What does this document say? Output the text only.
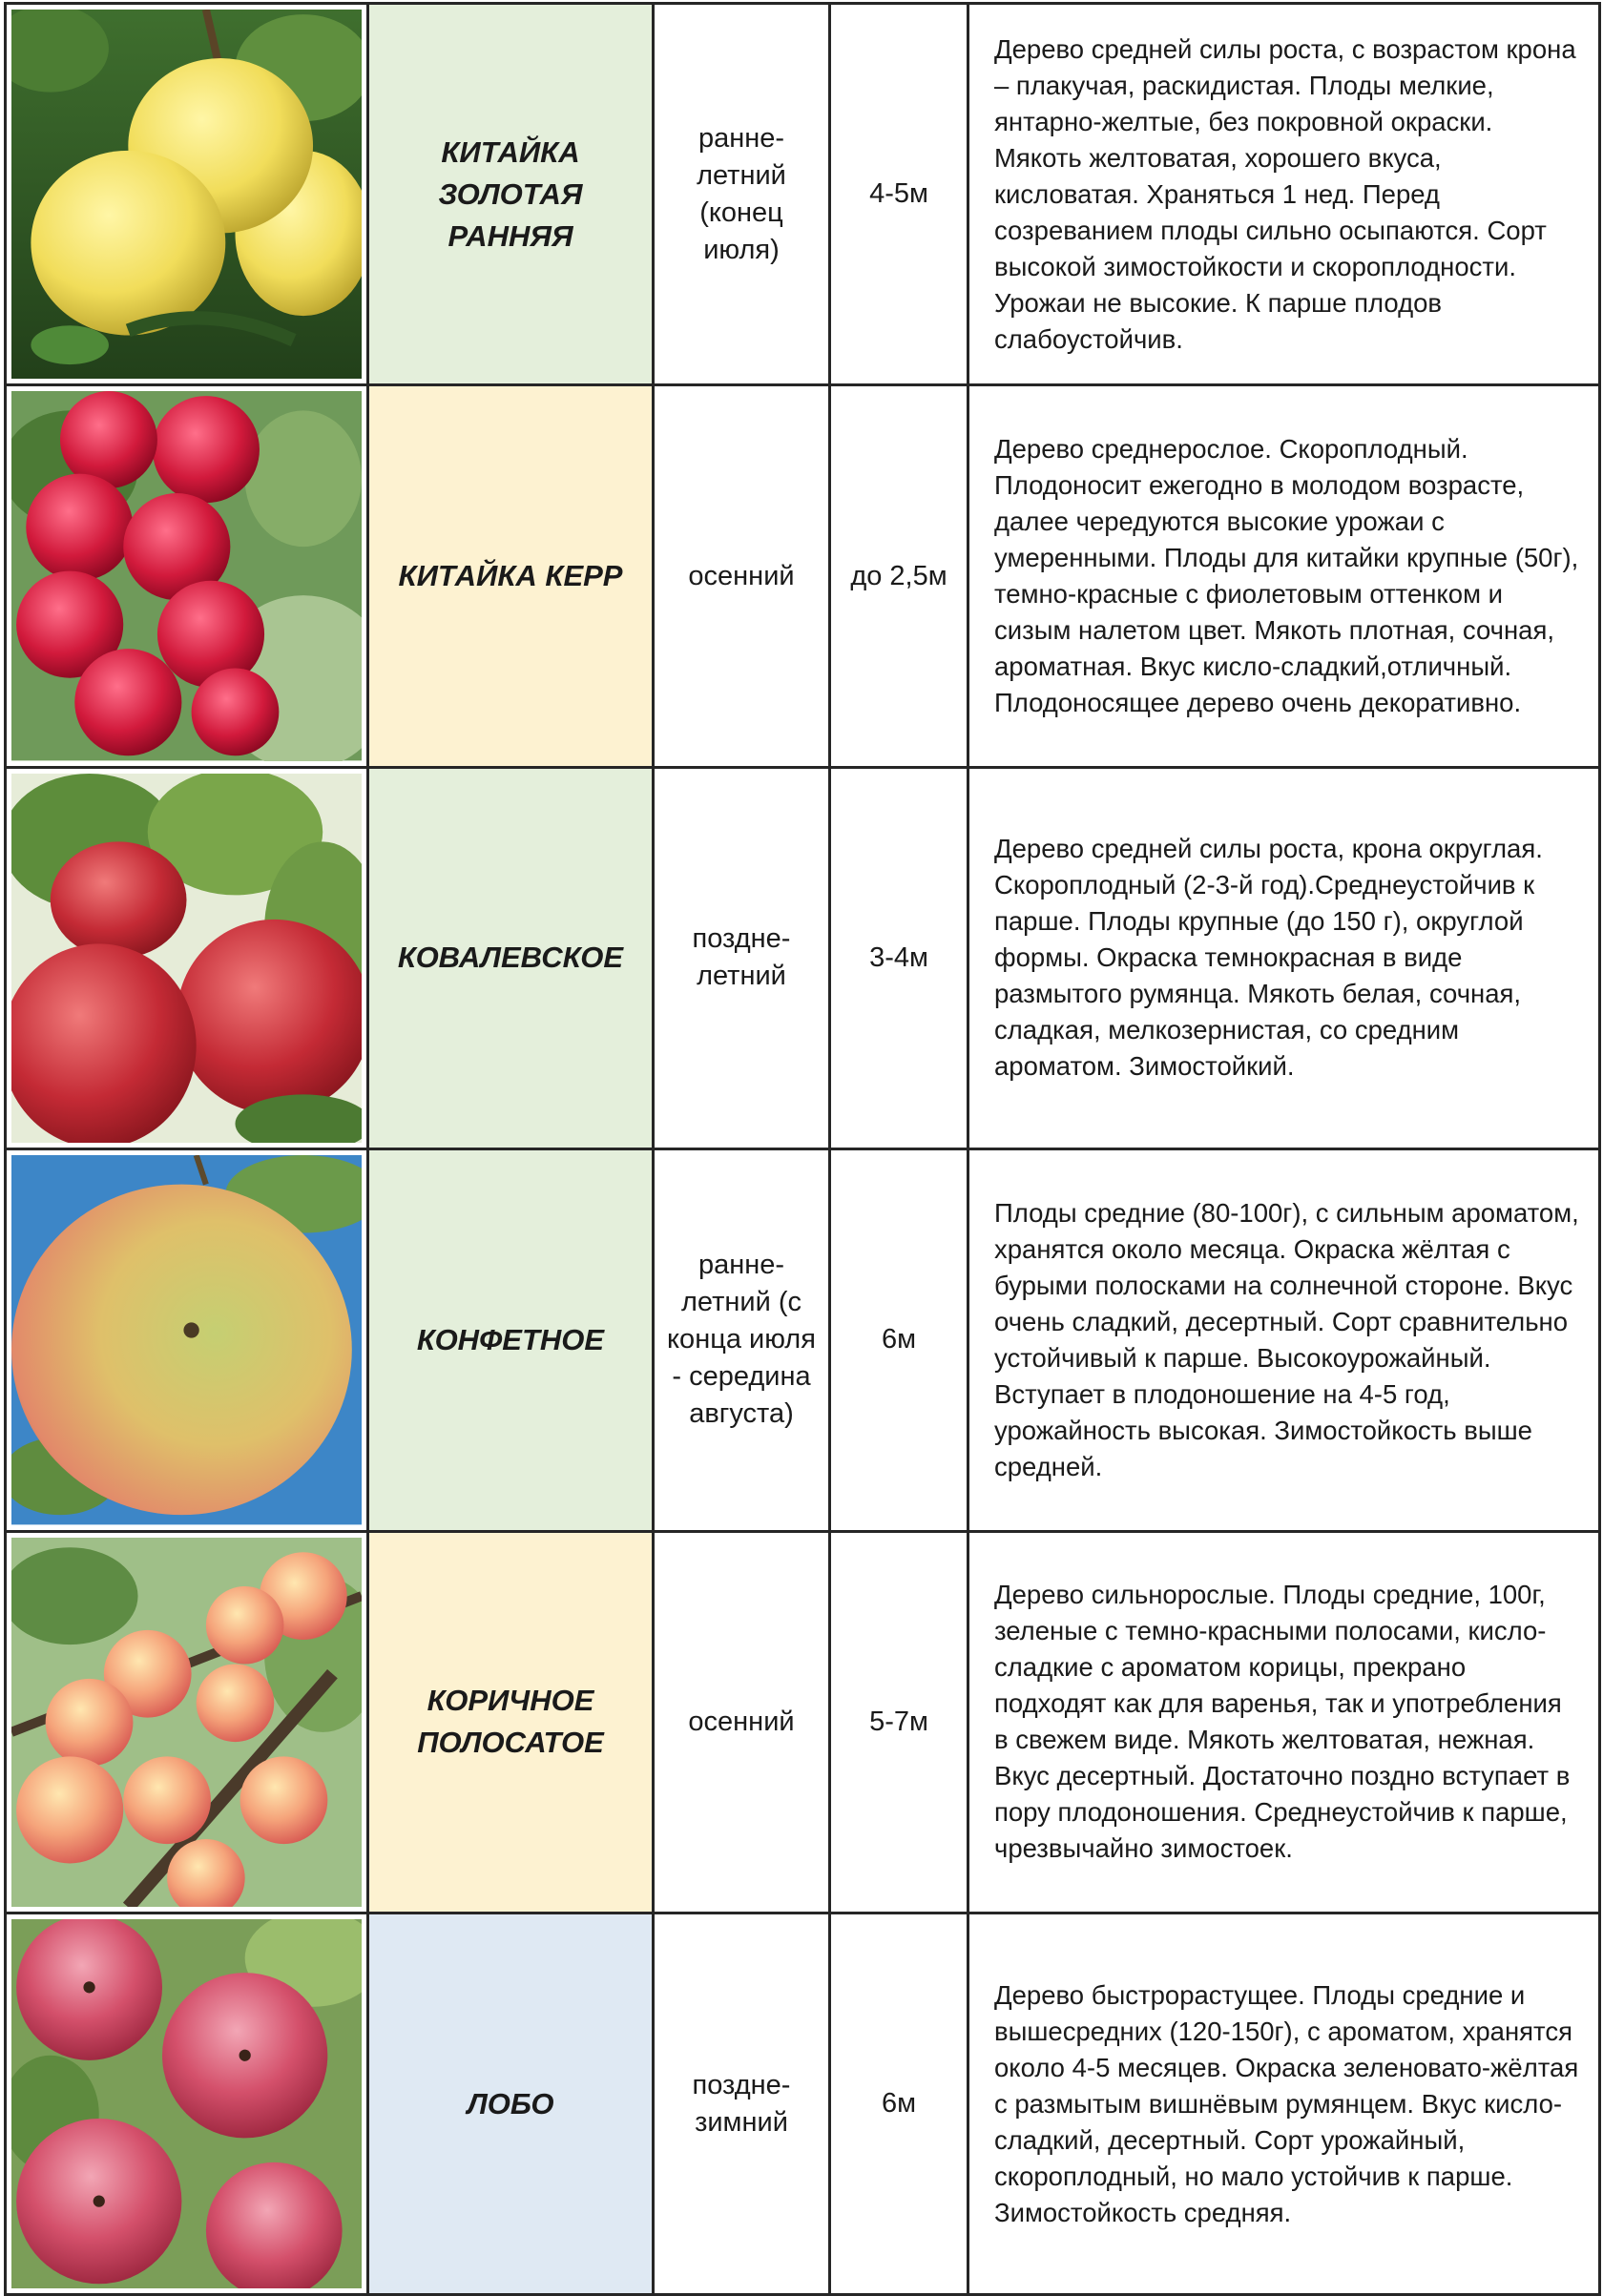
	КИТАЙКА ЗОЛОТАЯ РАННЯЯ	ранне-летний (конец июля)	4-5м	Дерево средней силы роста, с возрастом крона – плакучая, раскидистая. Плоды мелкие, янтарно-желтые, без покровной окраски. Мякоть желтоватая, хорошего вкуса, кисловатая. Храняться 1 нед. Перед созреванием плоды сильно осыпаются. Сорт высокой зимостойкости и скороплодности. Урожаи не высокие. К парше плодов слабоустойчив.

	КИТАЙКА КЕРР	осенний	до 2,5м	Дерево среднерослое. Скороплодный. Плодоносит ежегодно в молодом возрасте, далее чередуются высокие урожаи с умеренными. Плоды для китайки крупные (50г), темно-красные с фиолетовым оттенком и сизым налетом цвет. Мякоть плотная, сочная, ароматная. Вкус кисло-сладкий,отличный. Плодоносящее дерево очень декоративно.

	КОВАЛЕВСКОЕ	поздне-летний	3-4м	Дерево средней силы роста, крона округлая. Скороплодный (2-3-й год).Среднеустойчив к парше. Плоды крупные (до 150 г), округлой формы. Окраска темнокрасная в виде размытого румянца. Мякоть белая, сочная, сладкая, мелкозернистая, со средним ароматом. Зимостойкий.

	КОНФЕТНОЕ	ранне-летний (с конца июля - середина августа)	6м	Плоды средние (80-100г), с сильным ароматом, хранятся около месяца. Окраска жёлтая с бурыми полосками на солнечной стороне. Вкус очень сладкий, десертный. Сорт сравнительно устойчивый к парше. Высокоурожайный. Вступает в плодоношение на 4-5 год, урожайность высокая. Зимостойкость выше средней.

	КОРИЧНОЕ ПОЛОСАТОЕ	осенний	5-7м	Дерево сильнорослые. Плоды средние, 100г, зеленые с темно-красными полосами, кисло-сладкие с ароматом корицы, прекрано подходят как для варенья, так и употребления в свежем виде. Мякоть желтоватая, нежная. Вкус десертный. Достаточно поздно вступает в пору плодоношения. Среднеустойчив к парше, чрезвычайно зимостоек.

	ЛОБО	поздне-зимний	6м	Дерево быстрорастущее. Плоды средние и вышесредних (120-150г), с ароматом, хранятся около 4-5 месяцев. Окраска зеленовато-жёлтая с размытым вишнёвым румянцем. Вкус кисло-сладкий, десертный. Сорт урожайный, скороплодный, но мало устойчив к парше. Зимостойкость средняя.
